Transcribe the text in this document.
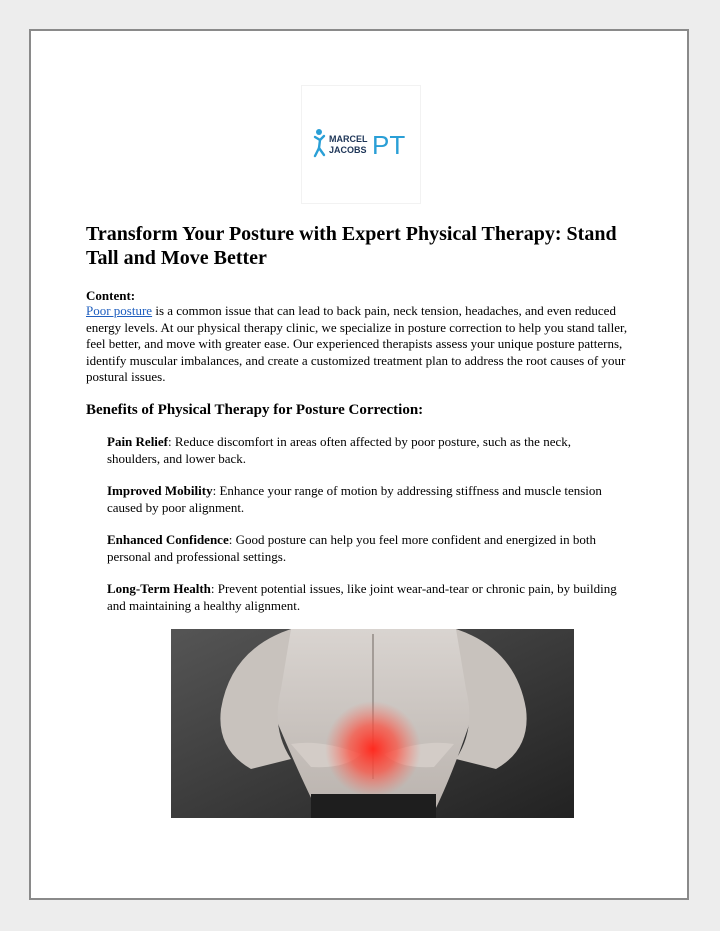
MARCEL
JACOBS PT
Transform Your Posture with Expert Physical Therapy: Stand Tall and Move Better

Content:

Poor posture is a common issue that can lead to back pain, neck tension, headaches, and even reduced energy levels. At our physical therapy clinic, we specialize in posture correction to help you stand taller, feel better, and move with greater ease. Our experienced therapists assess your unique posture patterns, identify muscular imbalances, and create a customized treatment plan to address the root causes of your postural issues.

Benefits of Physical Therapy for Posture Correction:

Pain Relief: Reduce discomfort in areas often affected by poor posture, such as the neck, shoulders, and lower back.

Improved Mobility: Enhance your range of motion by addressing stiffness and muscle tension caused by poor alignment.

Enhanced Confidence: Good posture can help you feel more confident and energized in both personal and professional settings.

Long-Term Health: Prevent potential issues, like joint wear-and-tear or chronic pain, by building and maintaining a healthy alignment.
